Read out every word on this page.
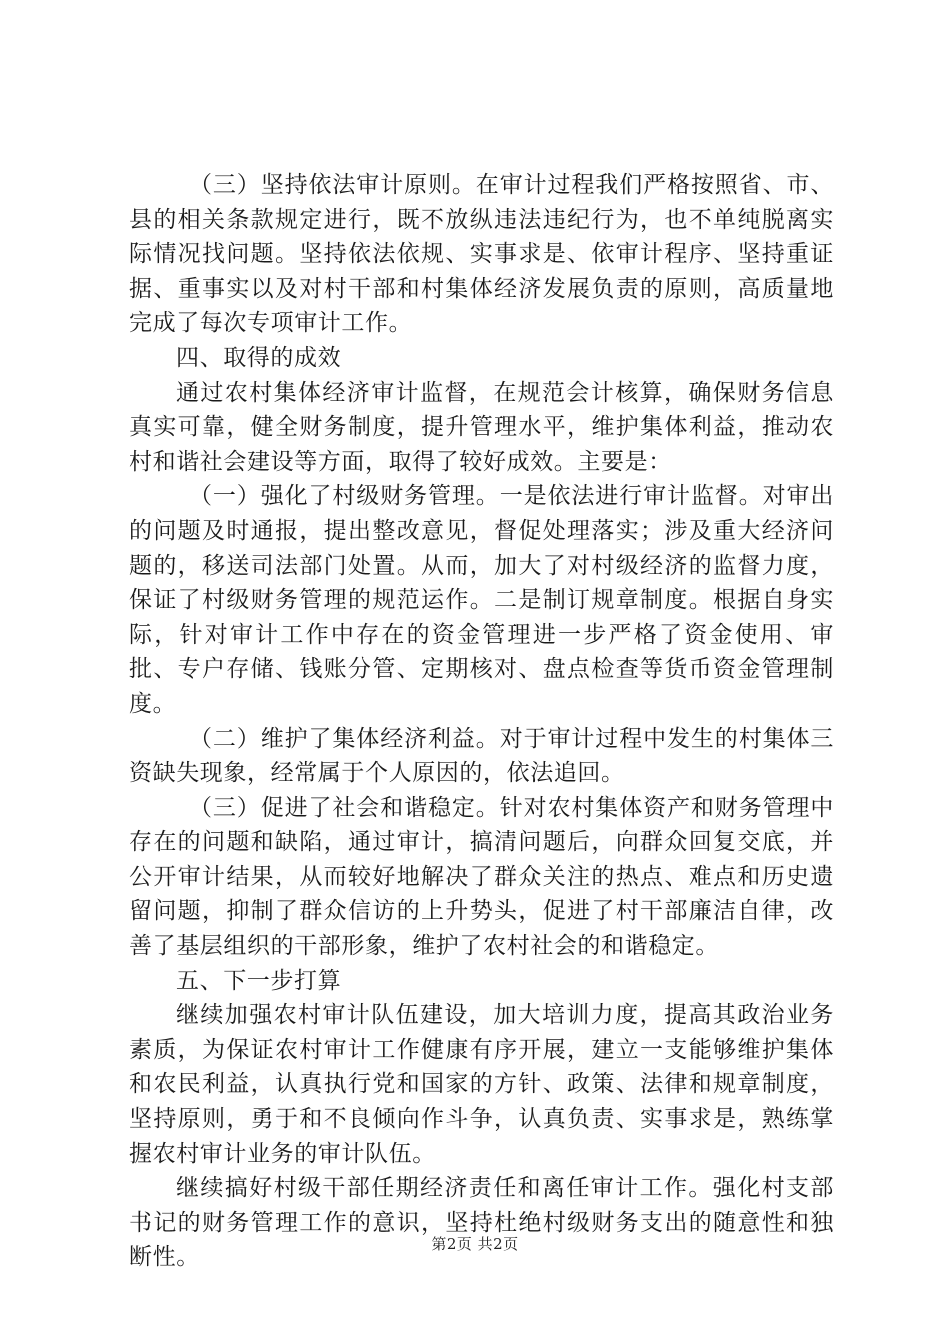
（三）坚持依法审计原则。在审计过程我们严格按照省、市、县的相关条款规定进行，既不放纵违法违纪行为，也不单纯脱离实际情况找问题。坚持依法依规、实事求是、依审计程序、坚持重证据、重事实以及对村干部和村集体经济发展负责的原则，高质量地完成了每次专项审计工作。

四、取得的成效

通过农村集体经济审计监督，在规范会计核算，确保财务信息真实可靠，健全财务制度，提升管理水平，维护集体利益，推动农村和谐社会建设等方面，取得了较好成效。主要是：

（一）强化了村级财务管理。一是依法进行审计监督。对审出的问题及时通报，提出整改意见，督促处理落实；涉及重大经济问题的，移送司法部门处置。从而，加大了对村级经济的监督力度，保证了村级财务管理的规范运作。二是制订规章制度。根据自身实际，针对审计工作中存在的资金管理进一步严格了资金使用、审批、专户存储、钱账分管、定期核对、盘点检查等货币资金管理制度。

（二）维护了集体经济利益。对于审计过程中发生的村集体三资缺失现象，经常属于个人原因的，依法追回。

（三）促进了社会和谐稳定。针对农村集体资产和财务管理中存在的问题和缺陷，通过审计，搞清问题后，向群众回复交底，并公开审计结果，从而较好地解决了群众关注的热点、难点和历史遗留问题，抑制了群众信访的上升势头，促进了村干部廉洁自律，改善了基层组织的干部形象，维护了农村社会的和谐稳定。

五、下一步打算

继续加强农村审计队伍建设，加大培训力度，提高其政治业务素质，为保证农村审计工作健康有序开展，建立一支能够维护集体和农民利益，认真执行党和国家的方针、政策、法律和规章制度，坚持原则，勇于和不良倾向作斗争，认真负责、实事求是，熟练掌握农村审计业务的审计队伍。

继续搞好村级干部任期经济责任和离任审计工作。强化村支部书记的财务管理工作的意识，坚持杜绝村级财务支出的随意性和独断性。

第2页 共2页
